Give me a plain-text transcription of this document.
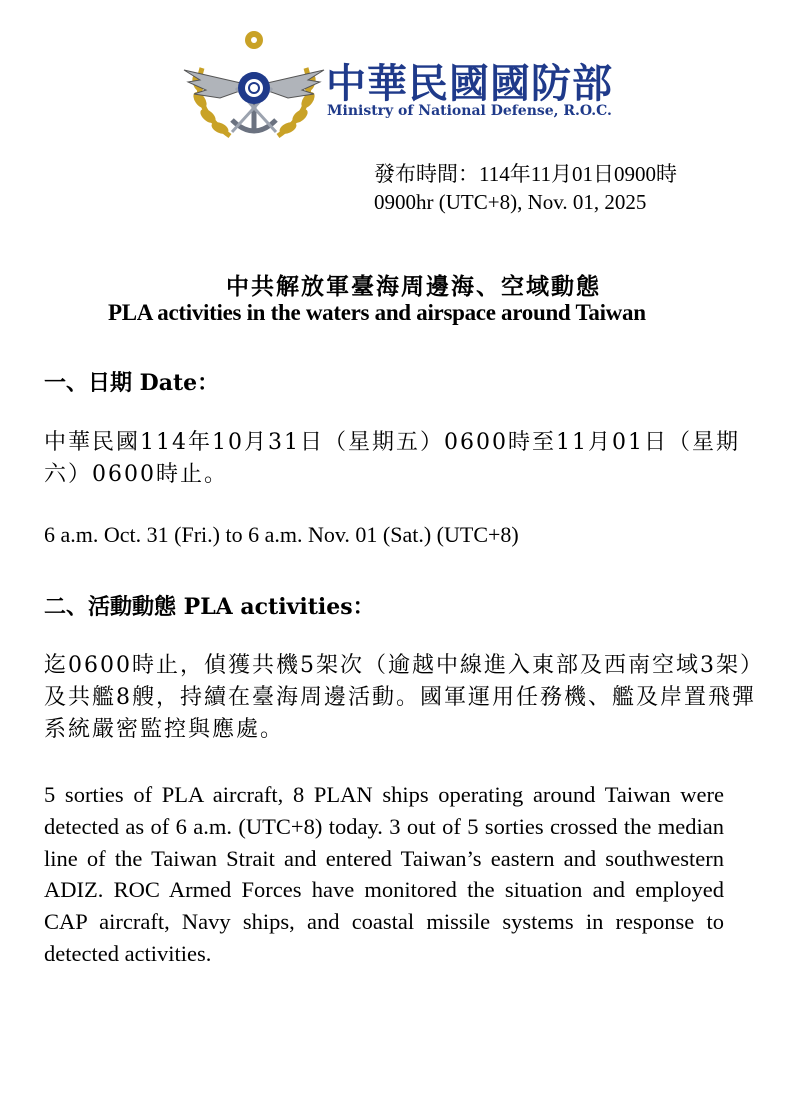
中華民國國防部
Ministry of National Defense, R.O.C.
發布時間：114年11月01日0900時
0900hr (UTC+8), Nov. 01, 2025
中共解放軍臺海周邊海、空域動態
PLA activities in the waters and airspace around Taiwan
一、日期 Date：
中華民國114年10月31日（星期五）0600時至11月01日（星期六）0600時止。
6 a.m. Oct. 31 (Fri.) to 6 a.m. Nov. 01 (Sat.) (UTC+8)
二、活動動態 PLA activities：
迄0600時止，偵獲共機5架次（逾越中線進入東部及西南空域3架）及共艦8艘，持續在臺海周邊活動。國軍運用任務機、艦及岸置飛彈系統嚴密監控與應處。
5 sorties of PLA aircraft, 8 PLAN ships operating around Taiwan were detected as of 6 a.m. (UTC+8) today. 3 out of 5 sorties crossed the median line of the Taiwan Strait and entered Taiwan’s eastern and southwestern ADIZ. ROC Armed Forces have monitored the situation and employed CAP aircraft, Navy ships, and coastal missile systems in response to detected activities.
